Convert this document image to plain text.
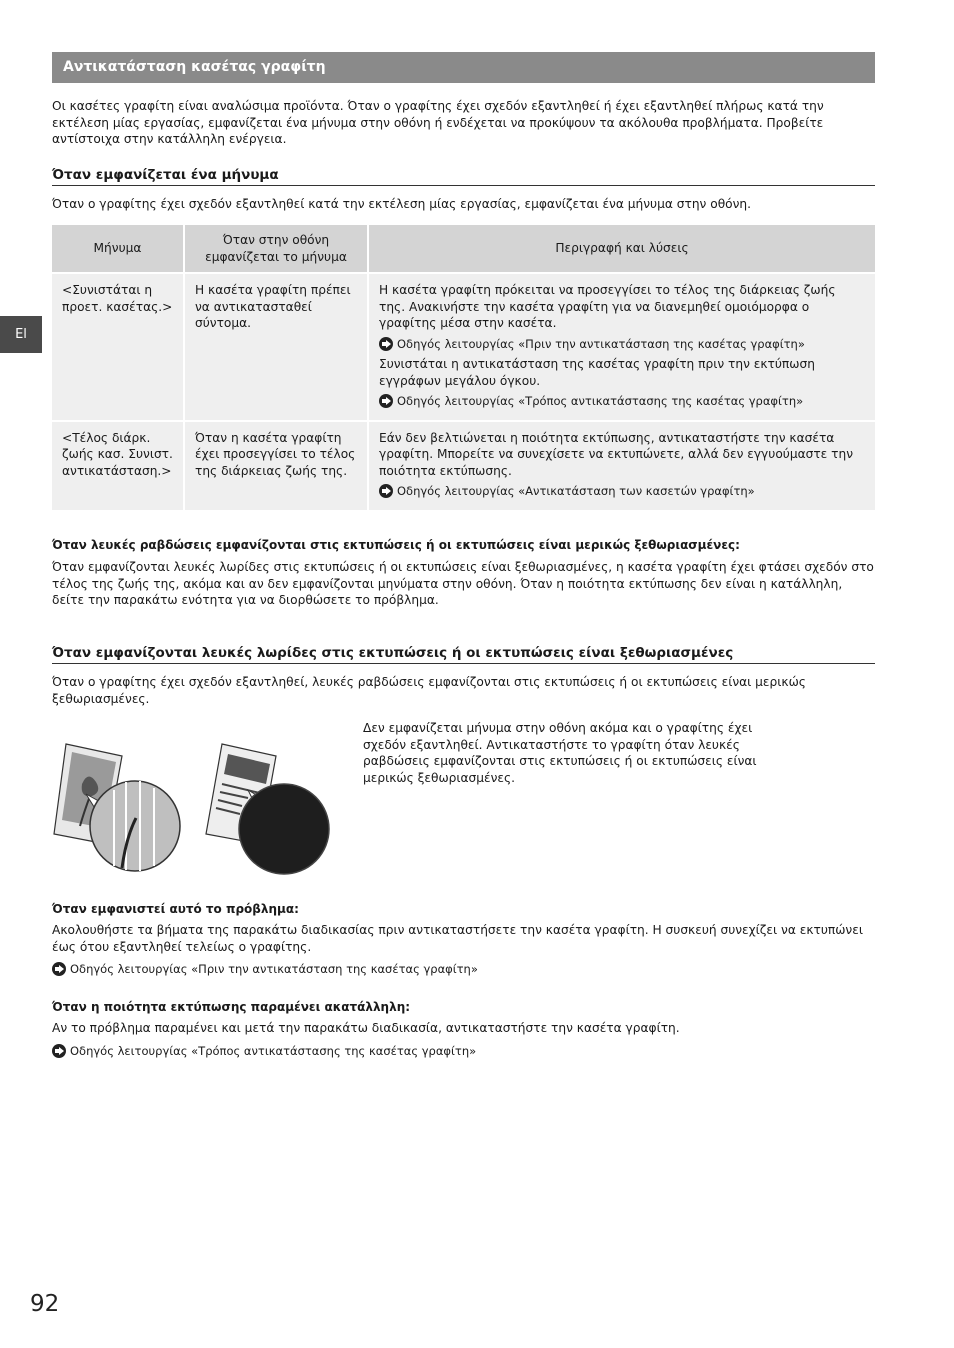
Αντικατάσταση κασέτας γραφίτη
El
Οι κασέτες γραφίτη είναι αναλώσιμα προϊόντα. Όταν ο γραφίτης έχει σχεδόν εξαντληθεί ή έχει εξαντληθεί πλήρως κατά την εκτέλεση μίας εργασίας, εμφανίζεται ένα μήνυμα στην οθόνη ή ενδέχεται να προκύψουν τα ακόλουθα προβλήματα. Προβείτε αντίστοιχα στην κατάλληλη ενέργεια.
Όταν εμφανίζεται ένα μήνυμα
Όταν ο γραφίτης έχει σχεδόν εξαντληθεί κατά την εκτέλεση μίας εργασίας, εμφανίζεται ένα μήνυμα στην οθόνη.
Μήνυμα	Όταν στην οθόνη εμφανίζεται το μήνυμα	Περιγραφή και λύσεις
<Συνιστάται η προετ. κασέτας.>	Η κασέτα γραφίτη πρέπει να αντικατασταθεί σύντομα.	Η κασέτα γραφίτη πρόκειται να προσεγγίσει το τέλος της διάρκειας ζωής της. Ανακινήστε την κασέτα γραφίτη για να διανεμηθεί ομοιόμορφα ο γραφίτης μέσα στην κασέτα.
Οδηγός λειτουργίας «Πριν την αντικατάσταση της κασέτας γραφίτη»
Συνιστάται η αντικατάσταση της κασέτας γραφίτη πριν την εκτύπωση εγγράφων μεγάλου όγκου.
Οδηγός λειτουργίας «Τρόπος αντικατάστασης της κασέτας γραφίτη»

<Τέλος διάρκ. ζωής κασ. Συνιστ. αντικατάσταση.>	Όταν η κασέτα γραφίτη έχει προσεγγίσει το τέλος της διάρκειας ζωής της.	Εάν δεν βελτιώνεται η ποιότητα εκτύπωσης, αντικαταστήστε την κασέτα γραφίτη. Μπορείτε να συνεχίσετε να εκτυπώνετε, αλλά δεν εγγυούμαστε την ποιότητα εκτύπωσης.
Οδηγός λειτουργίας «Αντικατάσταση των κασετών γραφίτη»
Όταν λευκές ραβδώσεις εμφανίζονται στις εκτυπώσεις ή οι εκτυπώσεις είναι μερικώς ξεθωριασμένες:
Όταν εμφανίζονται λευκές λωρίδες στις εκτυπώσεις ή οι εκτυπώσεις είναι ξεθωριασμένες, η κασέτα γραφίτη έχει φτάσει σχεδόν στο τέλος της ζωής της, ακόμα και αν δεν εμφανίζονται μηνύματα στην οθόνη. Όταν η ποιότητα εκτύπωσης δεν είναι η κατάλληλη, δείτε την παρακάτω ενότητα για να διορθώσετε το πρόβλημα.
Όταν εμφανίζονται λευκές λωρίδες στις εκτυπώσεις ή οι εκτυπώσεις είναι ξεθωριασμένες
Όταν ο γραφίτης έχει σχεδόν εξαντληθεί, λευκές ραβδώσεις εμφανίζονται στις εκτυπώσεις ή οι εκτυπώσεις είναι μερικώς ξεθωριασμένες.
Δεν εμφανίζεται μήνυμα στην οθόνη ακόμα και ο γραφίτης έχει σχεδόν εξαντληθεί. Αντικαταστήστε το γραφίτη όταν λευκές ραβδώσεις εμφανίζονται στις εκτυπώσεις ή οι εκτυπώσεις είναι μερικώς ξεθωριασμένες.
Όταν εμφανιστεί αυτό το πρόβλημα:
Ακολουθήστε τα βήματα της παρακάτω διαδικασίας πριν αντικαταστήσετε την κασέτα γραφίτη. Η συσκευή συνεχίζει να εκτυπώνει έως ότου εξαντληθεί τελείως ο γραφίτης.
Οδηγός λειτουργίας «Πριν την αντικατάσταση της κασέτας γραφίτη»
Όταν η ποιότητα εκτύπωσης παραμένει ακατάλληλη:
Αν το πρόβλημα παραμένει και μετά την παρακάτω διαδικασία, αντικαταστήστε την κασέτα γραφίτη.
Οδηγός λειτουργίας «Τρόπος αντικατάστασης της κασέτας γραφίτη»
92
